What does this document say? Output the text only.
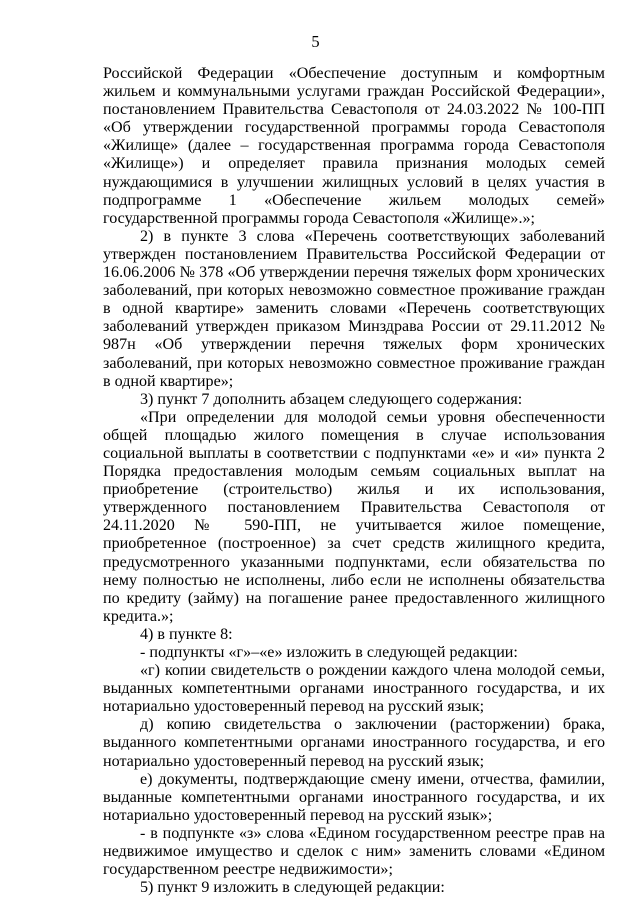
5

Российской Федерации «Обеспечение доступным и комфортным жильем и коммунальными услугами граждан Российской Федерации», постановлением Правительства Севастополя от 24.03.2022 № 100-ПП «Об утверждении государственной программы города Севастополя «Жилище» (далее – государственная программа города Севастополя «Жилище») и определяет правила признания молодых семей нуждающимися в улучшении жилищных условий в целях участия в подпрограмме 1 «Обеспечение жильем молодых семей» государственной программы города Севастополя «Жилище».»;

2) в пункте 3 слова «Перечень соответствующих заболеваний утвержден постановлением Правительства Российской Федерации от 16.06.2006 № 378 «Об утверждении перечня тяжелых форм хронических заболеваний, при которых невозможно совместное проживание граждан в одной квартире» заменить словами «Перечень соответствующих заболеваний утвержден приказом Минздрава России от 29.11.2012 № 987н «Об утверждении перечня тяжелых форм хронических заболеваний, при которых невозможно совместное проживание граждан в одной квартире»;

3) пункт 7 дополнить абзацем следующего содержания:

«При определении для молодой семьи уровня обеспеченности общей площадью жилого помещения в случае использования социальной выплаты в соответствии с подпунктами «е» и «и» пункта 2 Порядка предоставления молодым семьям социальных выплат на приобретение (строительство) жилья и их использования, утвержденного постановлением Правительства Севастополя от 24.11.2020 № 590-ПП, не учитывается жилое помещение, приобретенное (построенное) за счет средств жилищного кредита, предусмотренного указанными подпунктами, если обязательства по нему полностью не исполнены, либо если не исполнены обязательства по кредиту (займу) на погашение ранее предоставленного жилищного кредита.»;

4) в пункте 8:

- подпункты «г»–«е» изложить в следующей редакции:

«г) копии свидетельств о рождении каждого члена молодой семьи, выданных компетентными органами иностранного государства, и их нотариально удостоверенный перевод на русский язык;

д) копию свидетельства о заключении (расторжении) брака, выданного компетентными органами иностранного государства, и его нотариально удостоверенный перевод на русский язык;

е) документы, подтверждающие смену имени, отчества, фамилии, выданные компетентными органами иностранного государства, и их нотариально удостоверенный перевод на русский язык»;

- в подпункте «з» слова «Едином государственном реестре прав на недвижимое имущество и сделок с ним» заменить словами «Едином государственном реестре недвижимости»;

5) пункт 9 изложить в следующей редакции:
